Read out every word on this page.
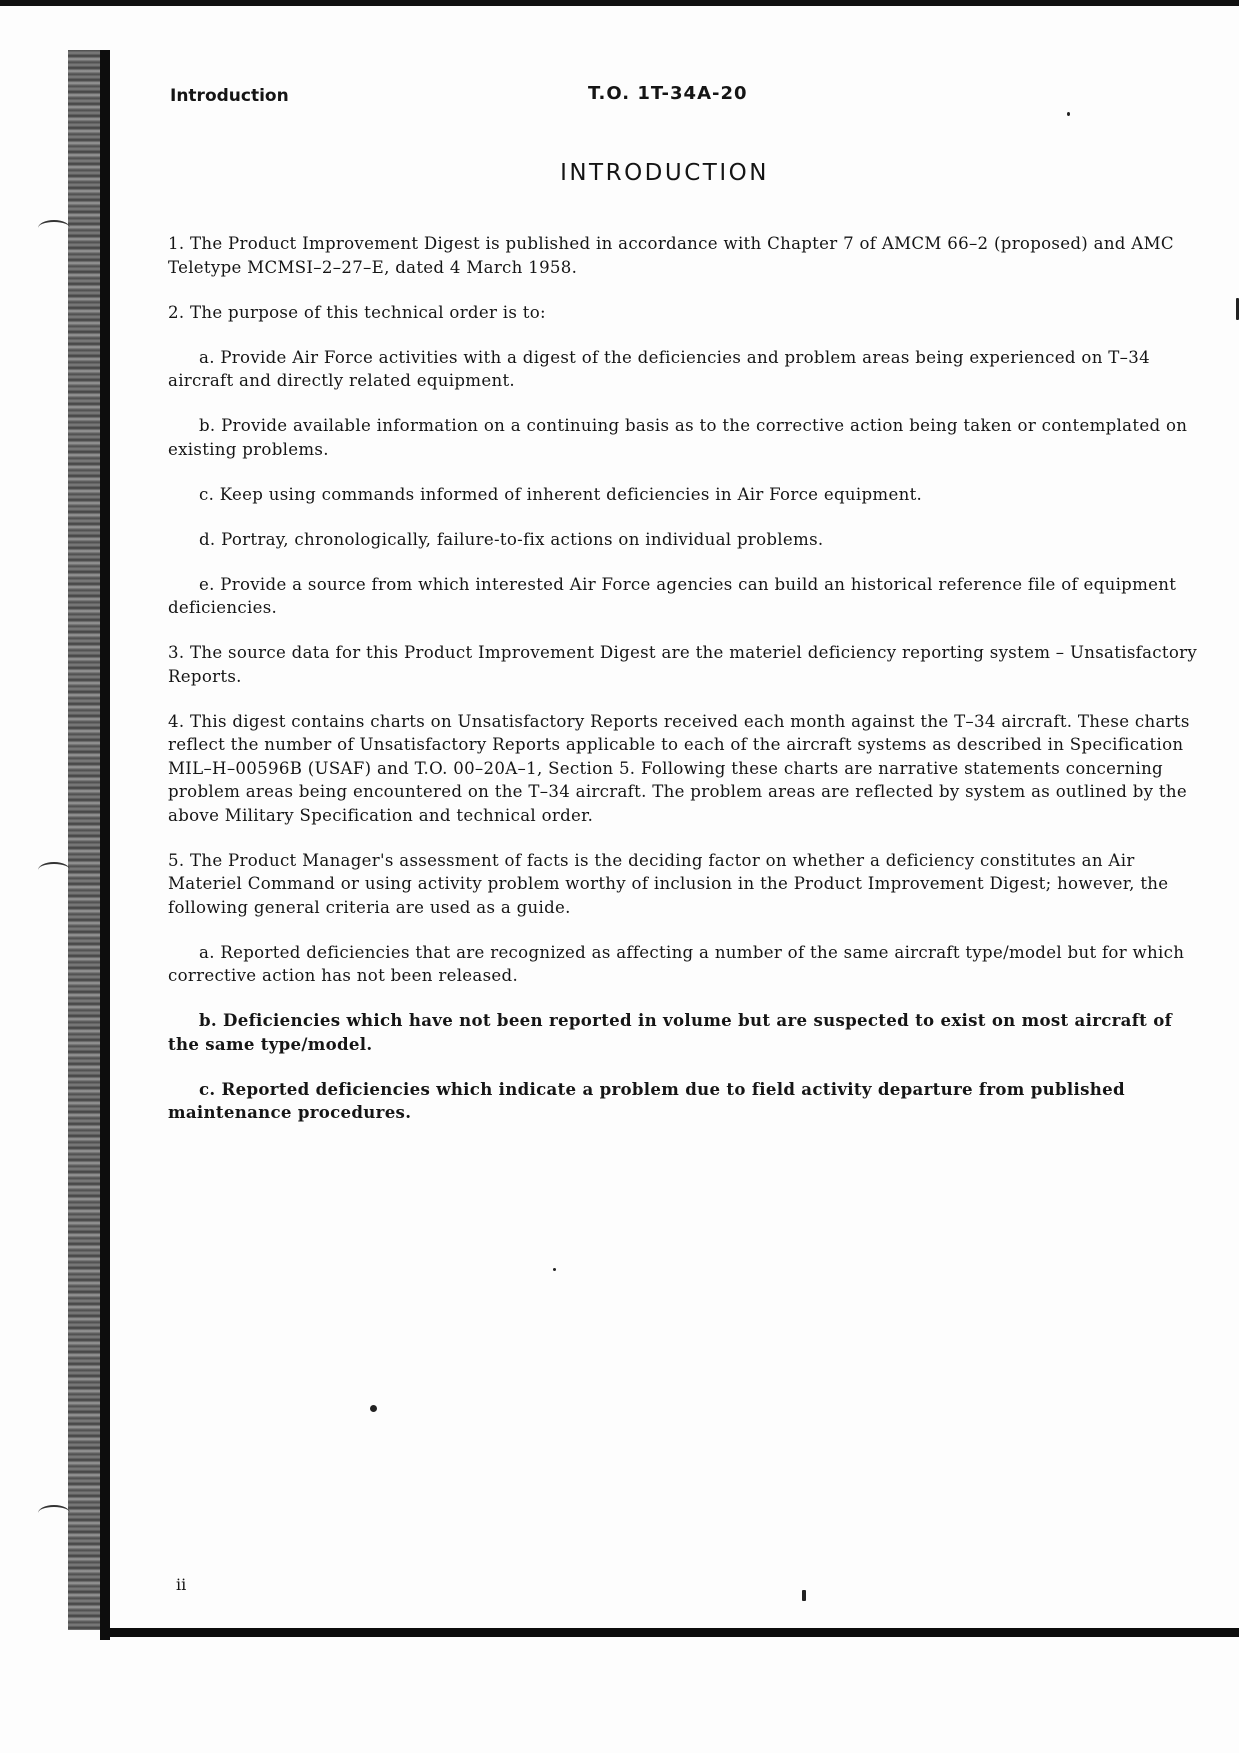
Introduction	T.O. 1T-34A-20
INTRODUCTION

1. The Product Improvement Digest is published in accordance with Chapter 7 of AMCM 66–2 (proposed) and AMC Teletype MCMSI–2–27–E, dated 4 March 1958.

2. The purpose of this technical order is to:

a. Provide Air Force activities with a digest of the deficiencies and problem areas being experienced on T–34 aircraft and directly related equipment.

b. Provide available information on a continuing basis as to the corrective action being taken or contemplated on existing problems.

c. Keep using commands informed of inherent deficiencies in Air Force equipment.

d. Portray, chronologically, failure-to-fix actions on individual problems.

e. Provide a source from which interested Air Force agencies can build an historical reference file of equipment deficiencies.

3. The source data for this Product Improvement Digest are the materiel deficiency reporting system – Unsatisfactory Reports.

4. This digest contains charts on Unsatisfactory Reports received each month against the T–34 aircraft. These charts reflect the number of Unsatisfactory Reports applicable to each of the aircraft systems as described in Specification MIL–H–00596B (USAF) and T.O. 00–20A–1, Section 5. Following these charts are narrative statements concerning problem areas being encountered on the T–34 aircraft. The problem areas are reflected by system as outlined by the above Military Specification and technical order.

5. The Product Manager's assessment of facts is the deciding factor on whether a deficiency constitutes an Air Materiel Command or using activity problem worthy of inclusion in the Product Improvement Digest; however, the following general criteria are used as a guide.

a. Reported deficiencies that are recognized as affecting a number of the same aircraft type/model but for which corrective action has not been released.

b. Deficiencies which have not been reported in volume but are suspected to exist on most aircraft of the same type/model.

c. Reported deficiencies which indicate a problem due to field activity departure from published maintenance procedures.

ii
